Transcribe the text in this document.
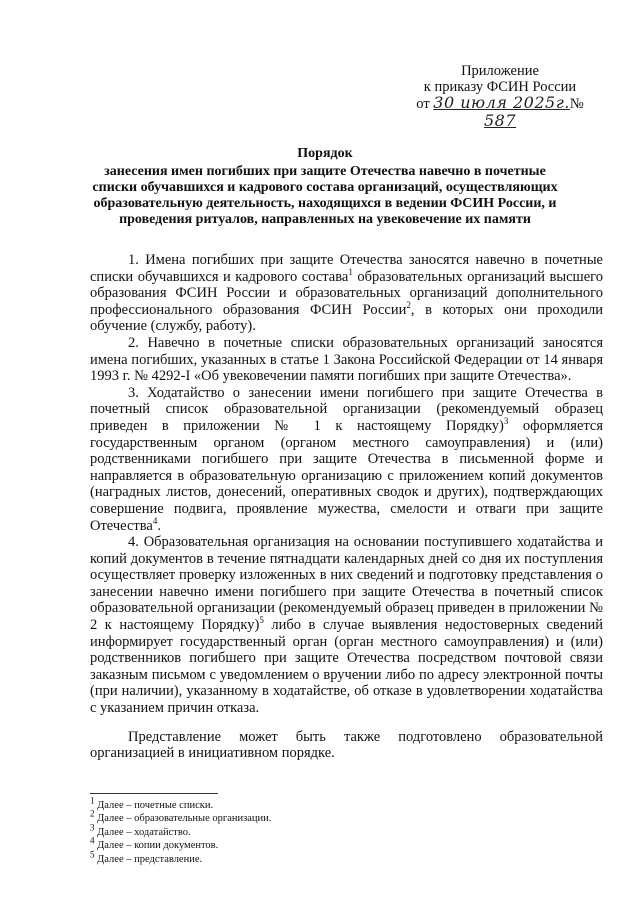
Приложение
к приказу ФСИН России
от 30 июля 2025г.№ 587
Порядок
занесения имен погибших при защите Отечества навечно в почетные списки обучавшихся и кадрового состава организаций, осуществляющих образовательную деятельность, находящихся в ведении ФСИН России, и проведения ритуалов, направленных на увековечение их памяти

1. Имена погибших при защите Отечества заносятся навечно в почетные списки обучавшихся и кадрового состава$^1$ образовательных организаций высшего образования ФСИН России и образовательных организаций дополнительного профессионального образования ФСИН России$^2$, в которых они проходили обучение (службу, работу).

2. Навечно в почетные списки образовательных организаций заносятся имена погибших, указанных в статье 1 Закона Российской Федерации от 14 января 1993 г. № 4292-I «Об увековечении памяти погибших при защите Отечества».

3. Ходатайство о занесении имени погибшего при защите Отечества в почетный список образовательной организации (рекомендуемый образец приведен в приложении № 1 к настоящему Порядку)$^3$ оформляется государственным органом (органом местного самоуправления) и (или) родственниками погибшего при защите Отечества в письменной форме и направляется в образовательную организацию с приложением копий документов (наградных листов, донесений, оперативных сводок и других), подтверждающих совершение подвига, проявление мужества, смелости и отваги при защите Отечества$^4$.

4. Образовательная организация на основании поступившего ходатайства и копий документов в течение пятнадцати календарных дней со дня их поступления осуществляет проверку изложенных в них сведений и подготовку представления о занесении навечно имени погибшего при защите Отечества в почетный список образовательной организации (рекомендуемый образец приведен в приложении № 2 к настоящему Порядку)$^5$ либо в случае выявления недостоверных сведений информирует государственный орган (орган местного самоуправления) и (или) родственников погибшего при защите Отечества посредством почтовой связи заказным письмом с уведомлением о вручении либо по адресу электронной почты (при наличии), указанному в ходатайстве, об отказе в удовлетворении ходатайства с указанием причин отказа.

Представление может быть также подготовлено образовательной организацией в инициативном порядке.

$^1$ Далее – почетные списки.
$^2$ Далее – образовательные организации.
$^3$ Далее – ходатайство.
$^4$ Далее – копии документов.
$^5$ Далее – представление.
